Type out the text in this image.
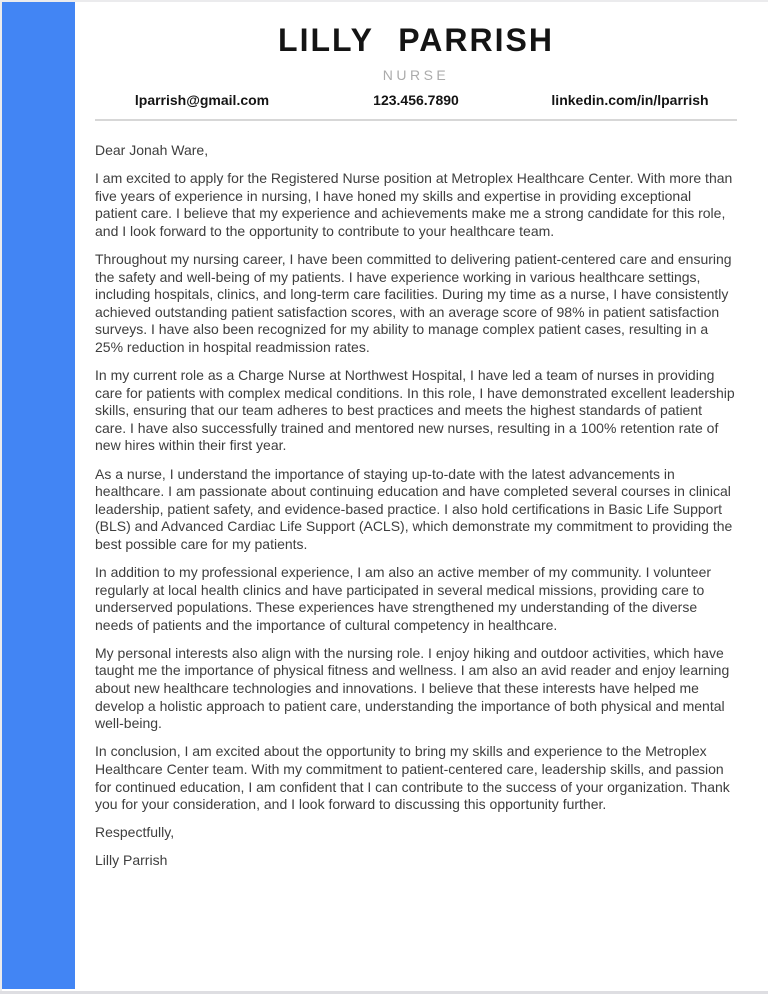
LILLY PARRISH
NURSE
lparrish@gmail.com	123.456.7890	linkedin.com/in/lparrish

Dear Jonah Ware,

I am excited to apply for the Registered Nurse position at Metroplex Healthcare Center. With more than five years of experience in nursing, I have honed my skills and expertise in providing exceptional patient care. I believe that my experience and achievements make me a strong candidate for this role, and I look forward to the opportunity to contribute to your healthcare team.

Throughout my nursing career, I have been committed to delivering patient-centered care and ensuring the safety and well-being of my patients. I have experience working in various healthcare settings, including hospitals, clinics, and long-term care facilities. During my time as a nurse, I have consistently achieved outstanding patient satisfaction scores, with an average score of 98% in patient satisfaction surveys. I have also been recognized for my ability to manage complex patient cases, resulting in a 25% reduction in hospital readmission rates.

In my current role as a Charge Nurse at Northwest Hospital, I have led a team of nurses in providing care for patients with complex medical conditions. In this role, I have demonstrated excellent leadership skills, ensuring that our team adheres to best practices and meets the highest standards of patient care. I have also successfully trained and mentored new nurses, resulting in a 100% retention rate of new hires within their first year.

As a nurse, I understand the importance of staying up-to-date with the latest advancements in healthcare. I am passionate about continuing education and have completed several courses in clinical leadership, patient safety, and evidence-based practice. I also hold certifications in Basic Life Support (BLS) and Advanced Cardiac Life Support (ACLS), which demonstrate my commitment to providing the best possible care for my patients.

In addition to my professional experience, I am also an active member of my community. I volunteer regularly at local health clinics and have participated in several medical missions, providing care to underserved populations. These experiences have strengthened my understanding of the diverse needs of patients and the importance of cultural competency in healthcare.

My personal interests also align with the nursing role. I enjoy hiking and outdoor activities, which have taught me the importance of physical fitness and wellness. I am also an avid reader and enjoy learning about new healthcare technologies and innovations. I believe that these interests have helped me develop a holistic approach to patient care, understanding the importance of both physical and mental well-being.

In conclusion, I am excited about the opportunity to bring my skills and experience to the Metroplex Healthcare Center team. With my commitment to patient-centered care, leadership skills, and passion for continued education, I am confident that I can contribute to the success of your organization. Thank you for your consideration, and I look forward to discussing this opportunity further.

Respectfully,

Lilly Parrish
